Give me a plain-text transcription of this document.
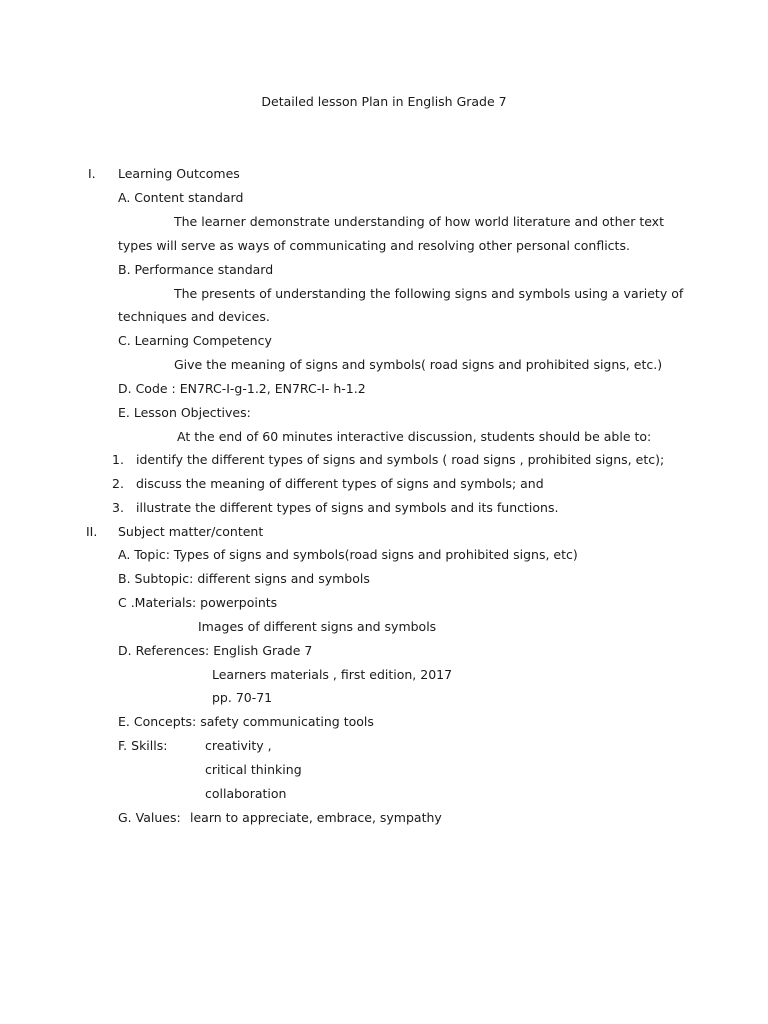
Detailed lesson Plan in English Grade 7
I. Learning Outcomes
A. Content standard
The learner demonstrate understanding of how world literature and other text
types will serve as ways of communicating and resolving other personal conflicts.
B. Performance standard
The presents of understanding the following signs and symbols using a variety of
techniques and devices.
C. Learning Competency
Give the meaning of signs and symbols( road signs and prohibited signs, etc.)
D. Code : EN7RC-I-g-1.2, EN7RC-I- h-1.2
E. Lesson Objectives:
At the end of 60 minutes interactive discussion, students should be able to:
1. identify the different types of signs and symbols ( road signs , prohibited signs, etc);
2. discuss the meaning of different types of signs and symbols; and
3. illustrate the different types of signs and symbols and its functions.
II. Subject matter/content
A. Topic: Types of signs and symbols(road signs and prohibited signs, etc)
B. Subtopic: different signs and symbols
C .Materials: powerpoints
Images of different signs and symbols
D. References: English Grade 7
Learners materials , first edition, 2017
pp. 70-71
E. Concepts: safety communicating tools
F. Skills:	creativity ,
critical thinking
collaboration
G. Values: learn to appreciate, embrace, sympathy
